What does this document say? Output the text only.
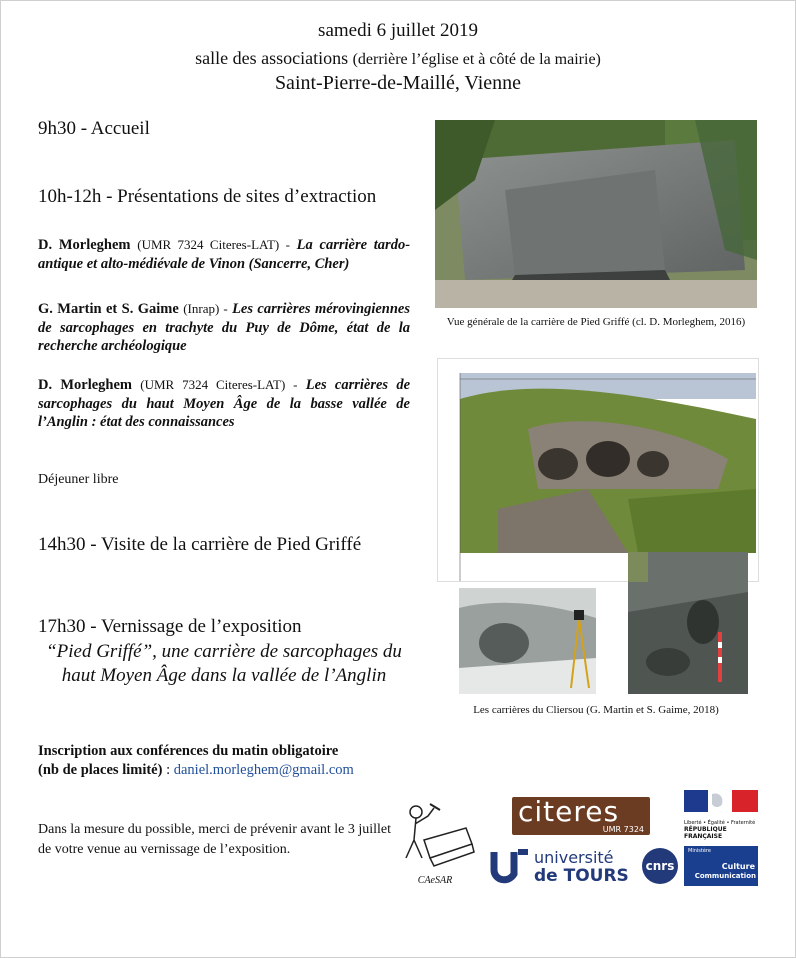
samedi 6 juillet 2019
salle des associations (derrière l’église et à côté de la mairie)
Saint-Pierre-de-Maillé, Vienne
9h30 - Accueil
10h-12h - Présentations de sites d’extraction
D. Morleghem (UMR 7324 Citeres-LAT) - La carrière tardo-antique et alto-médiévale de Vinon (Sancerre, Cher)
G. Martin et S. Gaime (Inrap) - Les carrières mérovingiennes de sarcophages en trachyte du Puy de Dôme, état de la recherche archéologique
D. Morleghem (UMR 7324 Citeres-LAT) - Les carrières de sarcophages du haut Moyen Âge de la basse vallée de l’Anglin : état des connaissances
Déjeuner libre
14h30 - Visite de la carrière de Pied Griffé
17h30 - Vernissage de l’exposition
“Pied Griffé”, une carrière de sarcophages du haut Moyen Âge dans la vallée de l’Anglin
Inscription aux conférences du matin obligatoire
(nb de places limité) : daniel.morleghem@gmail.com
Dans la mesure du possible, merci de prévenir avant le 3 juillet de votre venue au vernissage de l’exposition.
Vue générale de la carrière de Pied Griffé (cl. D. Morleghem, 2016)
Les carrières du Cliersou (G. Martin et S. Gaime, 2018)
CAeSAR
citeres
UMR 7324
université
de TOURS	cnrs
Liberté • Égalité • Fraternité
RÉPUBLIQUE FRANÇAISE
Ministère
Culture
Communication
